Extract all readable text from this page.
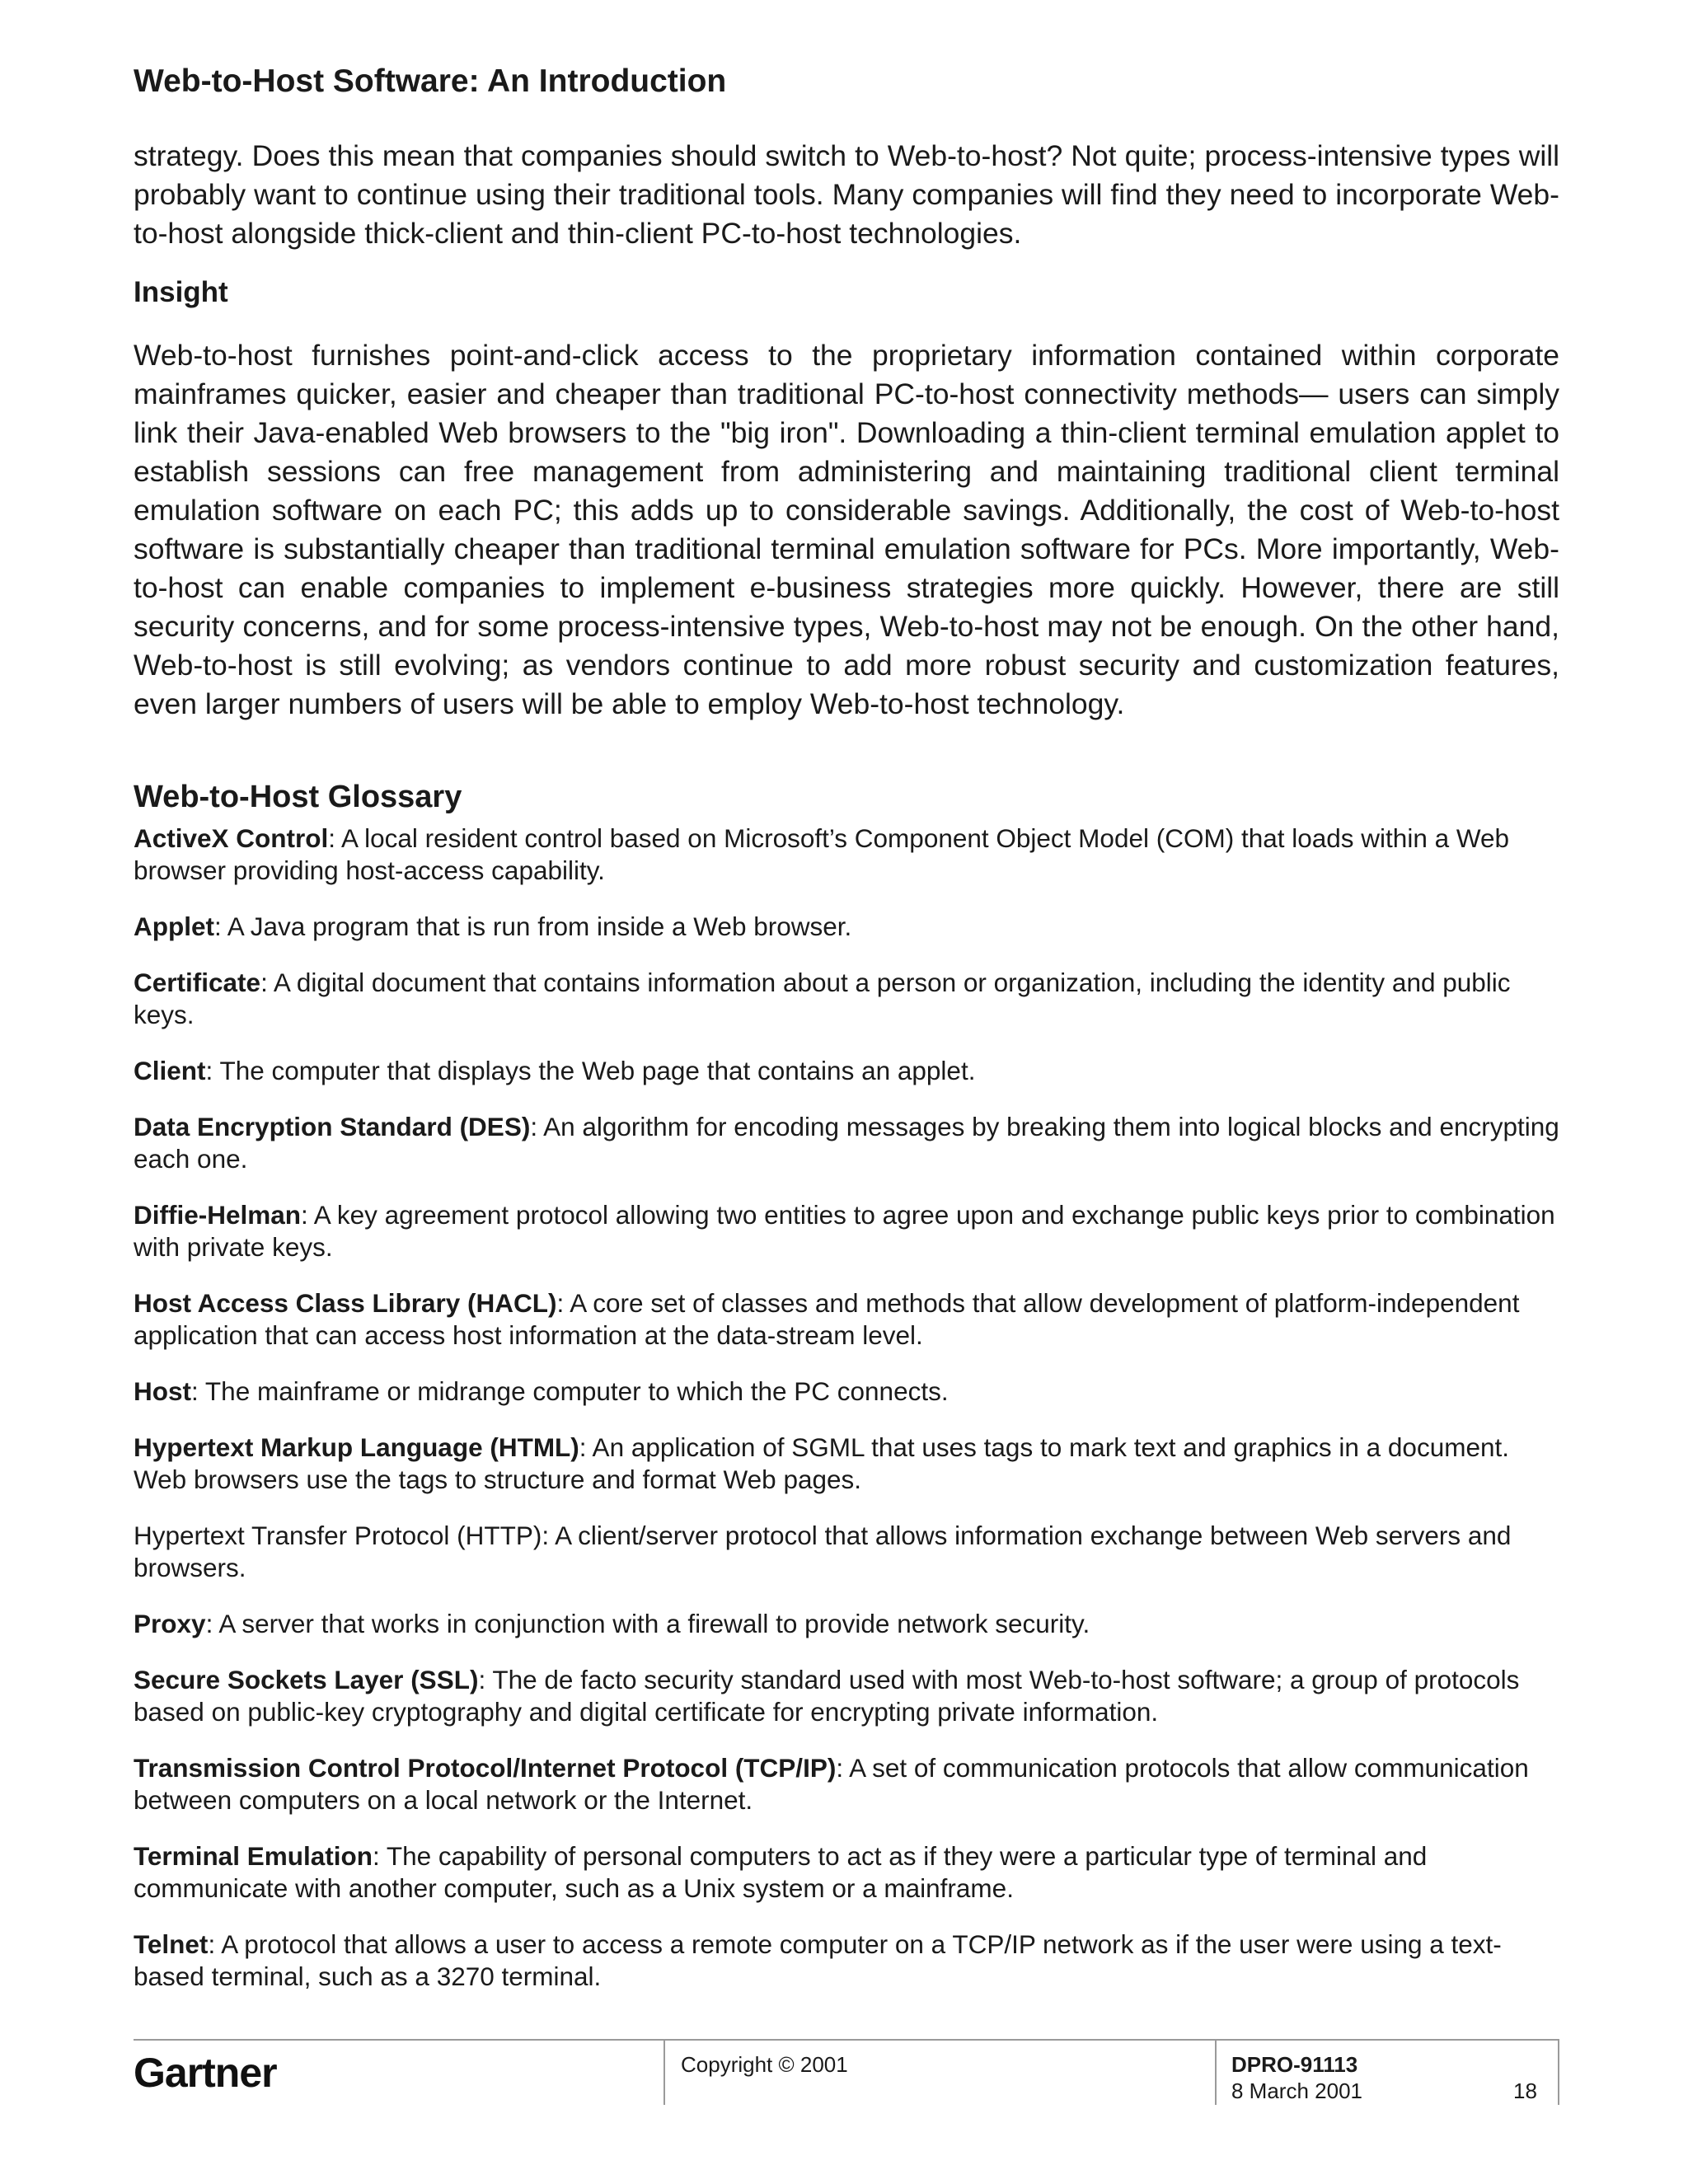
Web-to-Host Software: An Introduction

strategy. Does this mean that companies should switch to Web-to-host? Not quite; process-intensive types will probably want to continue using their traditional tools. Many companies will find they need to incorporate Web-to-host alongside thick-client and thin-client PC-to-host technologies.

Insight

Web-to-host furnishes point-and-click access to the proprietary information contained within corporate mainframes quicker, easier and cheaper than traditional PC-to-host connectivity methods— users can simply link their Java-enabled Web browsers to the "big iron". Downloading a thin-client terminal emulation applet to establish sessions can free management from administering and maintaining traditional client terminal emulation software on each PC; this adds up to considerable savings. Additionally, the cost of Web-to-host software is substantially cheaper than traditional terminal emulation software for PCs. More importantly, Web-to-host can enable companies to implement e-business strategies more quickly. However, there are still security concerns, and for some process-intensive types, Web-to-host may not be enough. On the other hand, Web-to-host is still evolving; as vendors continue to add more robust security and customization features, even larger numbers of users will be able to employ Web-to-host technology.

Web-to-Host Glossary
ActiveX Control: A local resident control based on Microsoft’s Component Object Model (COM) that loads within a Web browser providing host-access capability.
Applet: A Java program that is run from inside a Web browser.
Certificate: A digital document that contains information about a person or organization, including the identity and public keys.
Client: The computer that displays the Web page that contains an applet.
Data Encryption Standard (DES): An algorithm for encoding messages by breaking them into logical blocks and encrypting each one.
Diffie-Helman: A key agreement protocol allowing two entities to agree upon and exchange public keys prior to combination with private keys.
Host Access Class Library (HACL): A core set of classes and methods that allow development of platform-independent application that can access host information at the data-stream level.
Host: The mainframe or midrange computer to which the PC connects.
Hypertext Markup Language (HTML): An application of SGML that uses tags to mark text and graphics in a document. Web browsers use the tags to structure and format Web pages.
Hypertext Transfer Protocol (HTTP): A client/server protocol that allows information exchange between Web servers and browsers.
Proxy: A server that works in conjunction with a firewall to provide network security.
Secure Sockets Layer (SSL): The de facto security standard used with most Web-to-host software; a group of protocols based on public-key cryptography and digital certificate for encrypting private information.
Transmission Control Protocol/Internet Protocol (TCP/IP): A set of communication protocols that allow communication between computers on a local network or the Internet.
Terminal Emulation: The capability of personal computers to act as if they were a particular type of terminal and communicate with another computer, such as a Unix system or a mainframe.
Telnet: A protocol that allows a user to access a remote computer on a TCP/IP network as if the user were using a text-based terminal, such as a 3270 terminal.
Gartner	Copyright © 2001	DPRO-91113
8 March 2001	18
